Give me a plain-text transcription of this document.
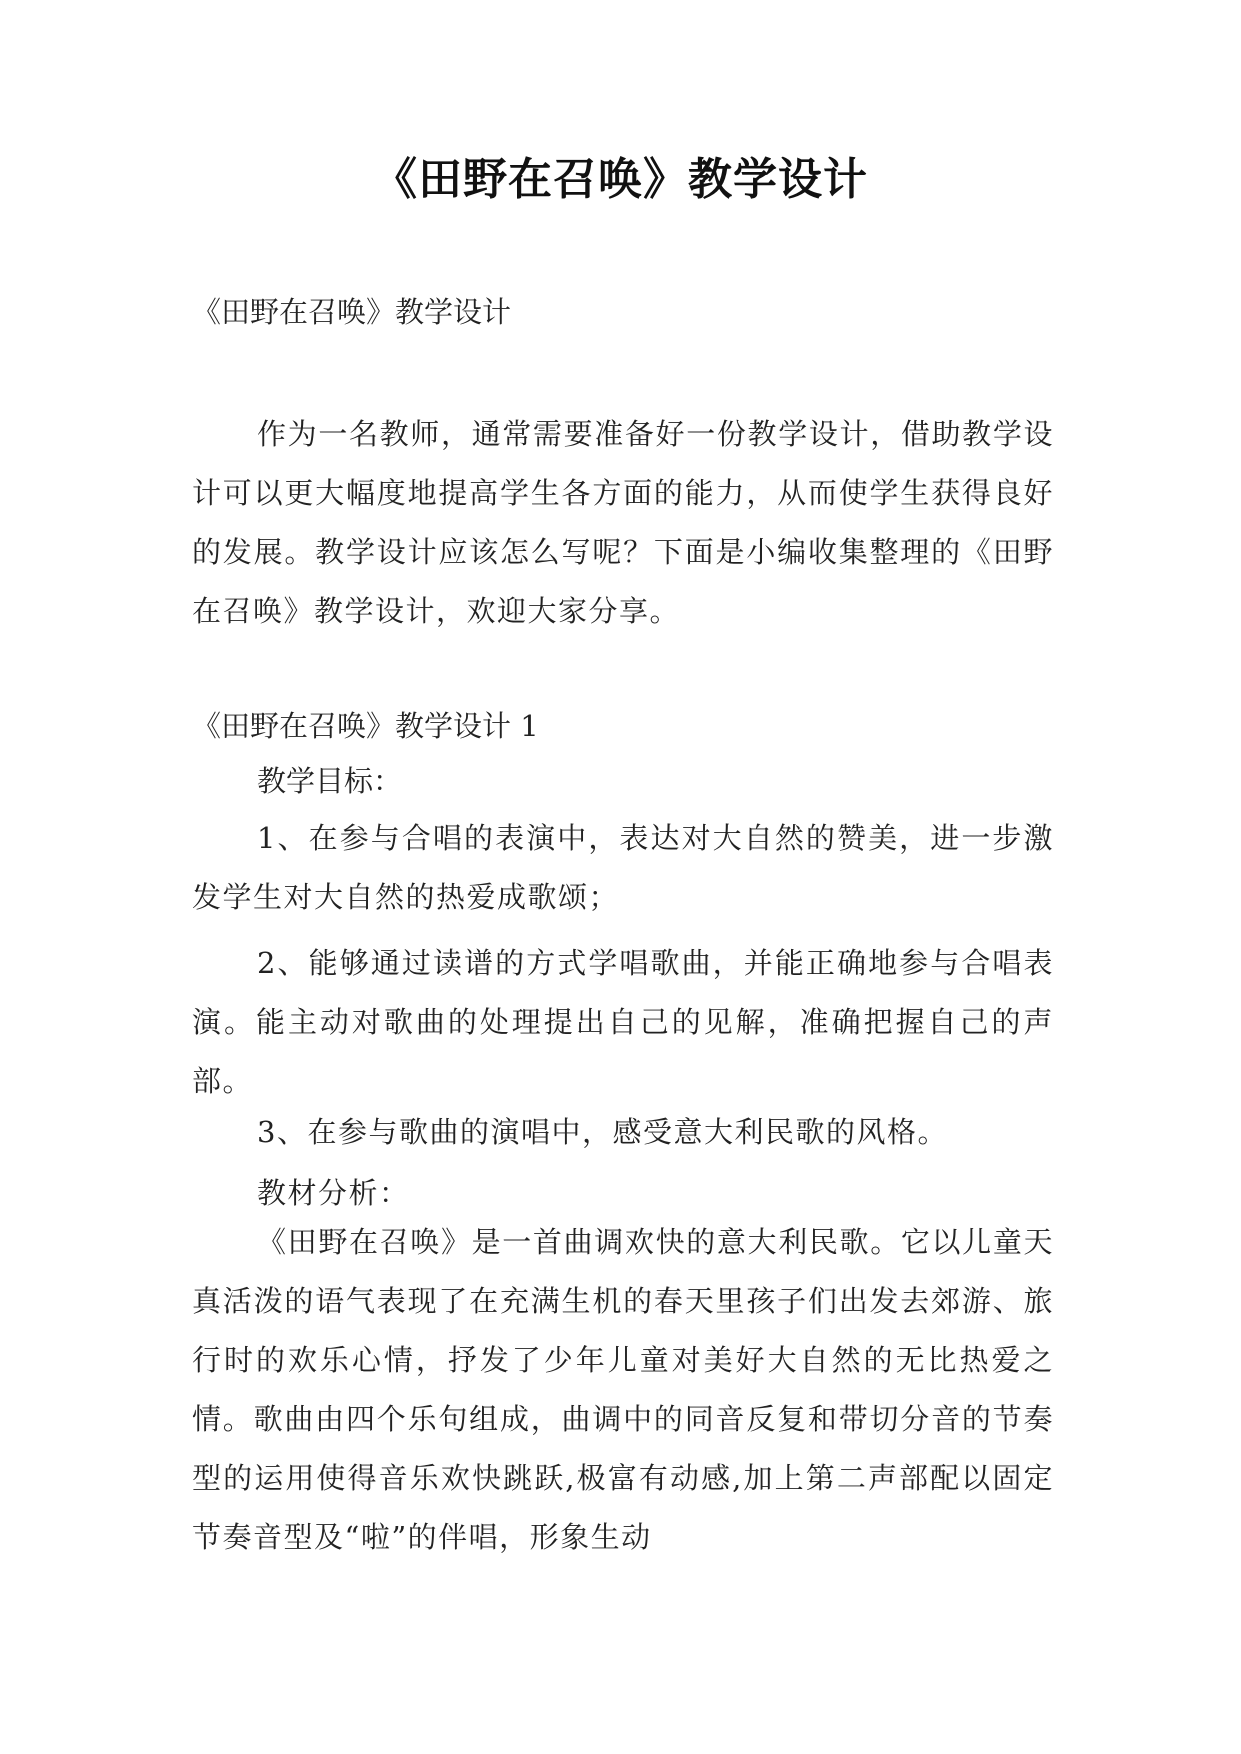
《田野在召唤》教学设计
《田野在召唤》教学设计

作为一名教师，通常需要准备好一份教学设计，借助教学设计可以更大幅度地提高学生各方面的能力，从而使学生获得良好的发展。教学设计应该怎么写呢？下面是小编收集整理的《田野在召唤》教学设计，欢迎大家分享。

《田野在召唤》教学设计 1

教学目标：

1、在参与合唱的表演中，表达对大自然的赞美，进一步激发学生对大自然的热爱成歌颂；

2、能够通过读谱的方式学唱歌曲，并能正确地参与合唱表演。能主动对歌曲的处理提出自己的见解，准确把握自己的声部。

3、在参与歌曲的演唱中，感受意大利民歌的风格。

教材分析：

《田野在召唤》是一首曲调欢快的意大利民歌。它以儿童天真活泼的语气表现了在充满生机的春天里孩子们出发去郊游、旅行时的欢乐心情，抒发了少年儿童对美好大自然的无比热爱之情。歌曲由四个乐句组成，曲调中的同音反复和带切分音的节奏型的运用使得音乐欢快跳跃,极富有动感,加上第二声部配以固定节奏音型及“啦”的伴唱，形象生动
